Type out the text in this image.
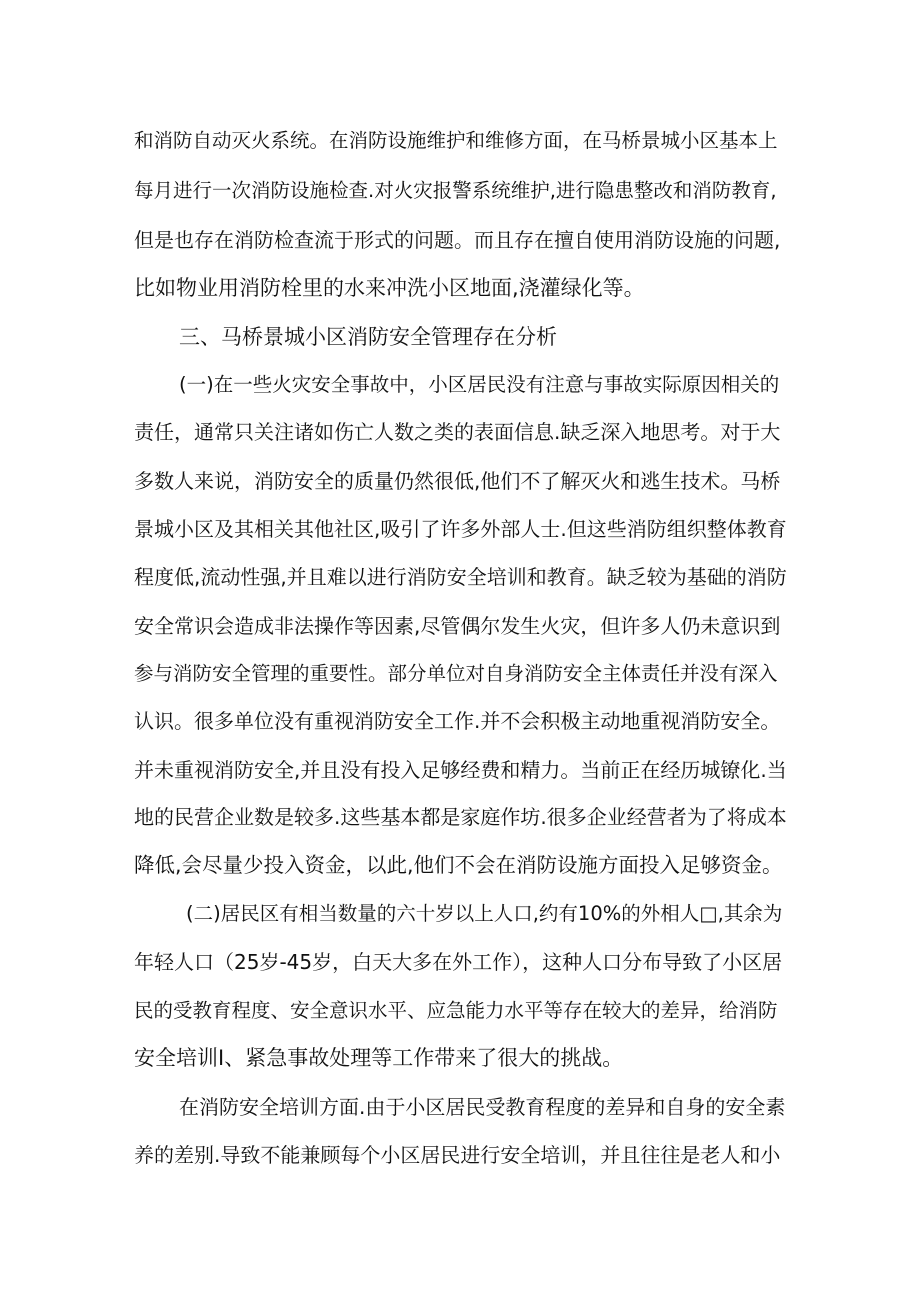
和消防自动灭火系统。在消防设施维护和维修方面，在马桥景城小区基本上
每月进行一次消防设施检查.对火灾报警系统维护,进行隐患整改和消防教育,
但是也存在消防检查流于形式的问题。而且存在擅自使用消防设施的问题,
比如物业用消防栓里的水来冲洗小区地面,浇灌绿化等。
三、马桥景城小区消防安全管理存在分析
(一)在一些火灾安全事故中，小区居民没有注意与事故实际原因相关的
责任，通常只关注诸如伤亡人数之类的表面信息.缺乏深入地思考。对于大
多数人来说，消防安全的质量仍然很低,他们不了解灭火和逃生技术。马桥
景城小区及其相关其他社区,吸引了许多外部人士.但这些消防组织整体教育
程度低,流动性强,并且难以进行消防安全培训和教育。缺乏较为基础的消防
安全常识会造成非法操作等因素,尽管偶尔发生火灾，但许多人仍未意识到
参与消防安全管理的重要性。部分单位对自身消防安全主体责任并没有深入
认识。很多单位没有重视消防安全工作.并不会积极主动地重视消防安全。
并未重视消防安全,并且没有投入足够经费和精力。当前正在经历城镣化.当
地的民营企业数是较多.这些基本都是家庭作坊.很多企业经营者为了将成本
降低,会尽量少投入资金，以此,他们不会在消防设施方面投入足够资金。
(二)居民区有相当数量的六十岁以上人口,约有10%的外相人□,其余为
年轻人口（25岁-45岁，白天大多在外工作），这种人口分布导致了小区居
民的受教育程度、安全意识水平、应急能力水平等存在较大的差异，给消防
安全培训I、紧急事故处理等工作带来了很大的挑战。
在消防安全培训方面.由于小区居民受教育程度的差异和自身的安全素
养的差别.导致不能兼顾每个小区居民进行安全培训，并且往往是老人和小
